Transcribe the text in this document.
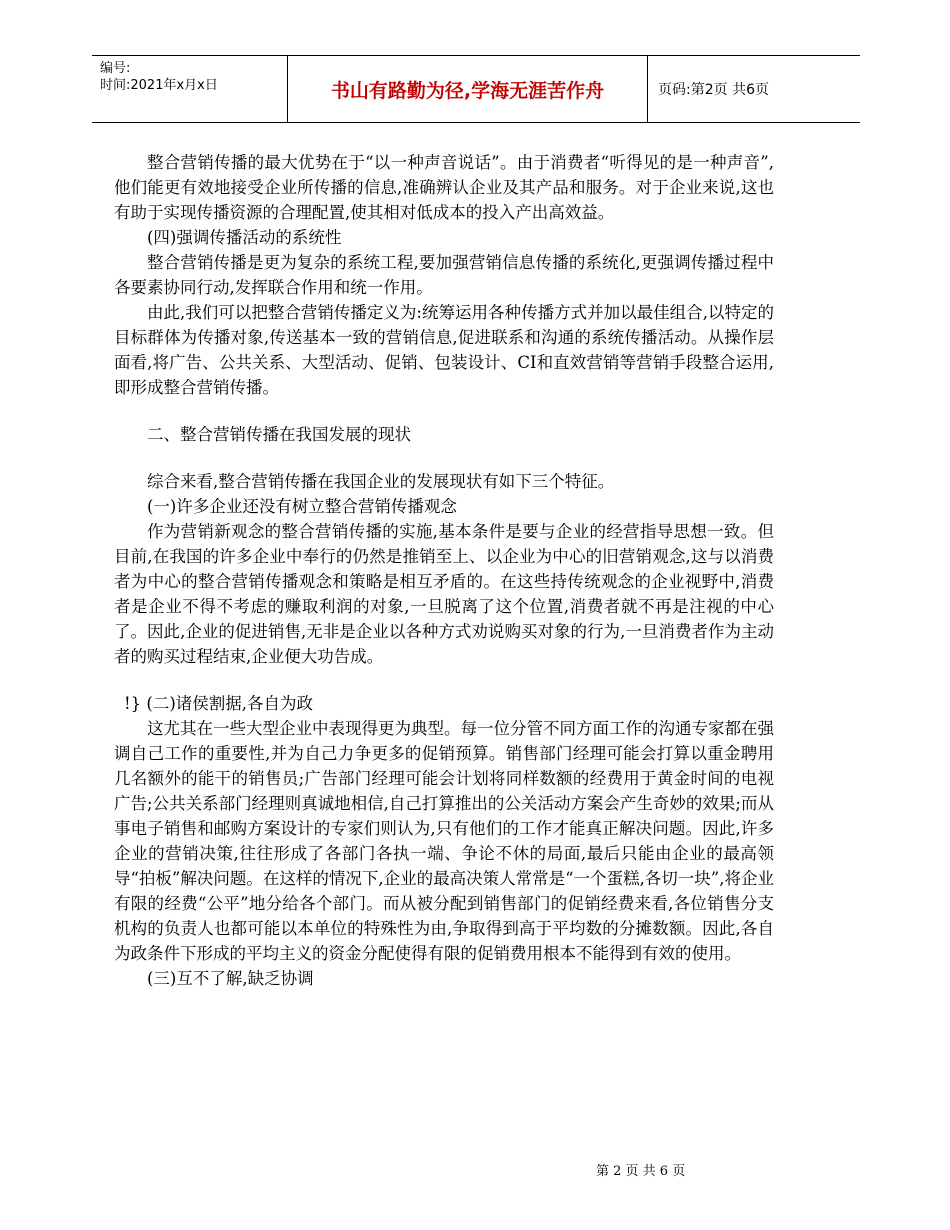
编号:
时间:2021年x月x日	书山有路勤为径,学海无涯苦作舟	页码:第2页 共6页

整合营销传播的最大优势在于“以一种声音说话”。由于消费者“听得见的是一种声音”,他们能更有效地接受企业所传播的信息,准确辨认企业及其产品和服务。对于企业来说,这也有助于实现传播资源的合理配置,使其相对低成本的投入产出高效益。

(四)强调传播活动的系统性

整合营销传播是更为复杂的系统工程,要加强营销信息传播的系统化,更强调传播过程中各要素协同行动,发挥联合作用和统一作用。

由此,我们可以把整合营销传播定义为:统筹运用各种传播方式并加以最佳组合,以特定的目标群体为传播对象,传送基本一致的营销信息,促进联系和沟通的系统传播活动。从操作层面看,将广告、公共关系、大型活动、促销、包装设计、CI和直效营销等营销手段整合运用,即形成整合营销传播。

二、整合营销传播在我国发展的现状

综合来看,整合营销传播在我国企业的发展现状有如下三个特征。

(一)许多企业还没有树立整合营销传播观念

作为营销新观念的整合营销传播的实施,基本条件是要与企业的经营指导思想一致。但目前,在我国的许多企业中奉行的仍然是推销至上、以企业为中心的旧营销观念,这与以消费者为中心的整合营销传播观念和策略是相互矛盾的。在这些持传统观念的企业视野中,消费者是企业不得不考虑的赚取利润的对象,一旦脱离了这个位置,消费者就不再是注视的中心了。因此,企业的促进销售,无非是企业以各种方式劝说购买对象的行为,一旦消费者作为主动者的购买过程结束,企业便大功告成。

!} (二)诸侯割据,各自为政

这尤其在一些大型企业中表现得更为典型。每一位分管不同方面工作的沟通专家都在强调自己工作的重要性,并为自己力争更多的促销预算。销售部门经理可能会打算以重金聘用几名额外的能干的销售员;广告部门经理可能会计划将同样数额的经费用于黄金时间的电视广告;公共关系部门经理则真诚地相信,自己打算推出的公关活动方案会产生奇妙的效果;而从事电子销售和邮购方案设计的专家们则认为,只有他们的工作才能真正解决问题。因此,许多企业的营销决策,往往形成了各部门各执一端、争论不休的局面,最后只能由企业的最高领导“拍板”解决问题。在这样的情况下,企业的最高决策人常常是“一个蛋糕,各切一块”,将企业有限的经费“公平”地分给各个部门。而从被分配到销售部门的促销经费来看,各位销售分支机构的负责人也都可能以本单位的特殊性为由,争取得到高于平均数的分摊数额。因此,各自为政条件下形成的平均主义的资金分配使得有限的促销费用根本不能得到有效的使用。

(三)互不了解,缺乏协调

第 2 页 共 6 页
